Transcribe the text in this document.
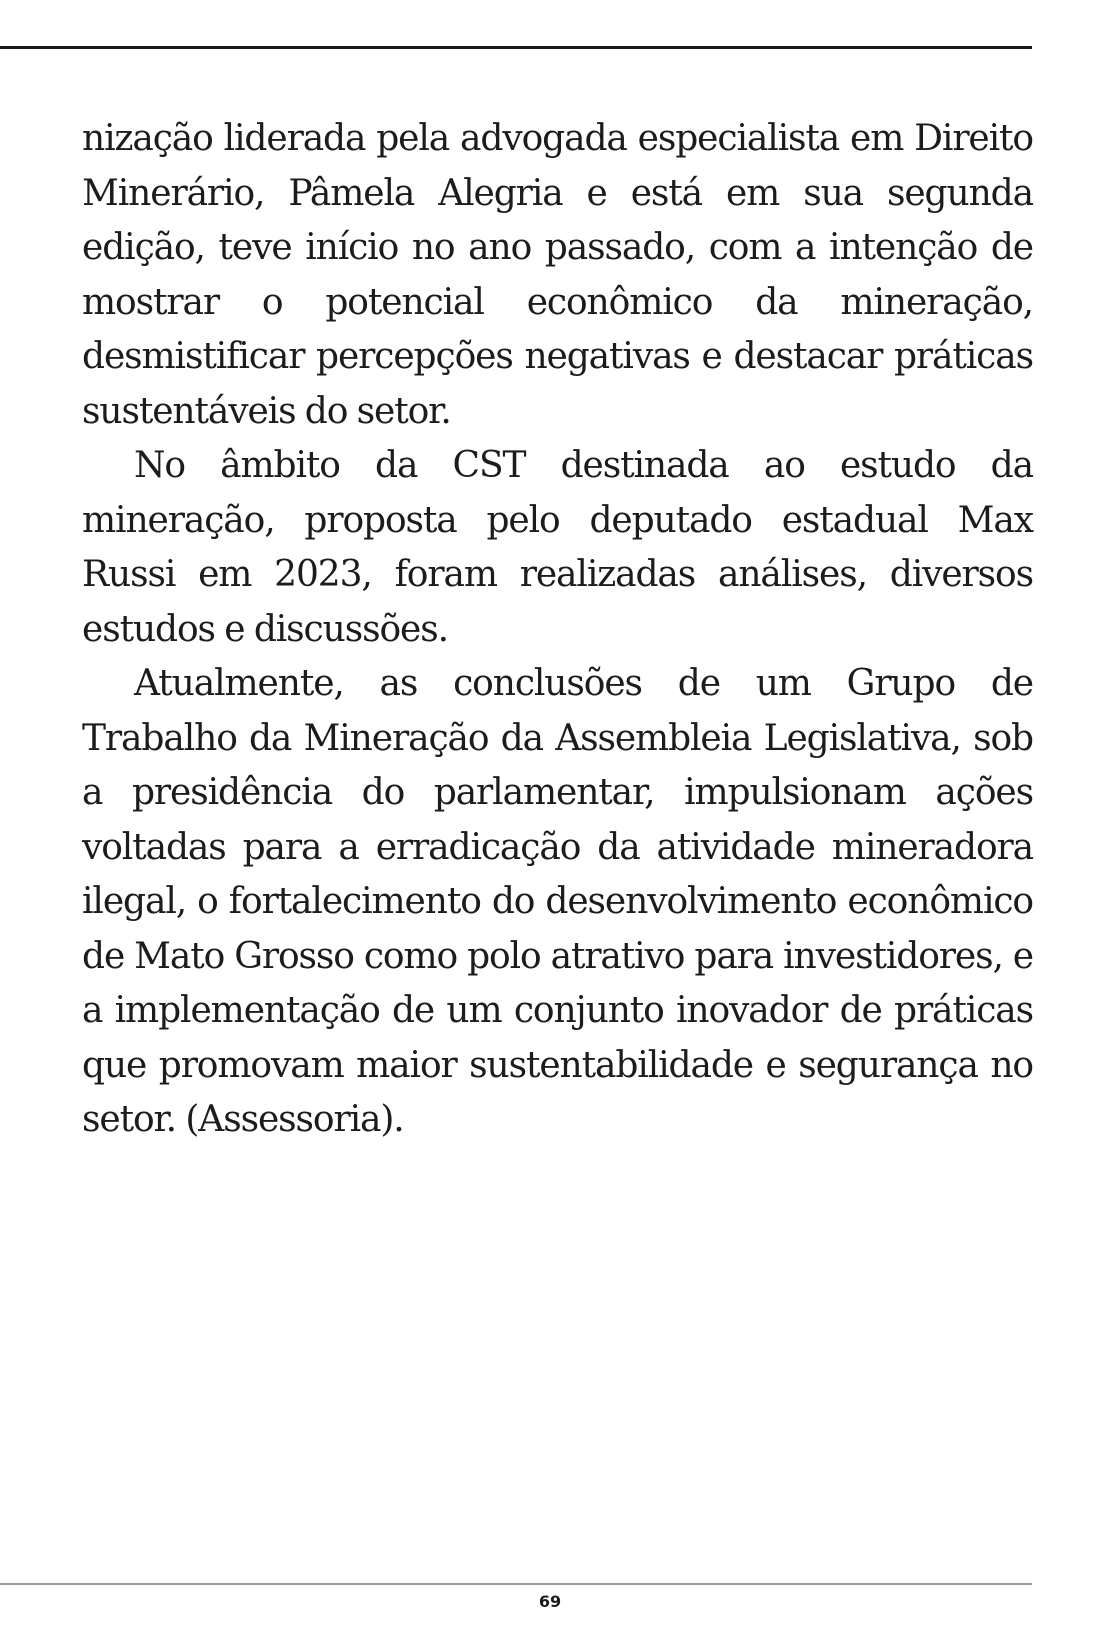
nização liderada pela advogada especialista em Direito Minerário, Pâmela Alegria e está em sua segunda edição, teve início no ano passado, com a intenção de mostrar o potencial econômico da mineração, desmistificar percepções negativas e destacar práticas sustentáveis do setor.

No âmbito da CST destinada ao estudo da mineração, proposta pelo deputado estadual Max Russi em 2023, foram realizadas análises, diversos estudos e discussões.

Atualmente, as conclusões de um Grupo de Trabalho da Mineração da Assembleia Legislativa, sob a presidência do parlamentar, impulsionam ações voltadas para a erradicação da atividade mineradora ilegal, o fortalecimento do desenvolvimento econômico de Mato Grosso como polo atrativo para investidores, e a implementação de um conjunto inovador de práticas que promovam maior sustentabilidade e segurança no setor. (Assessoria).

69
